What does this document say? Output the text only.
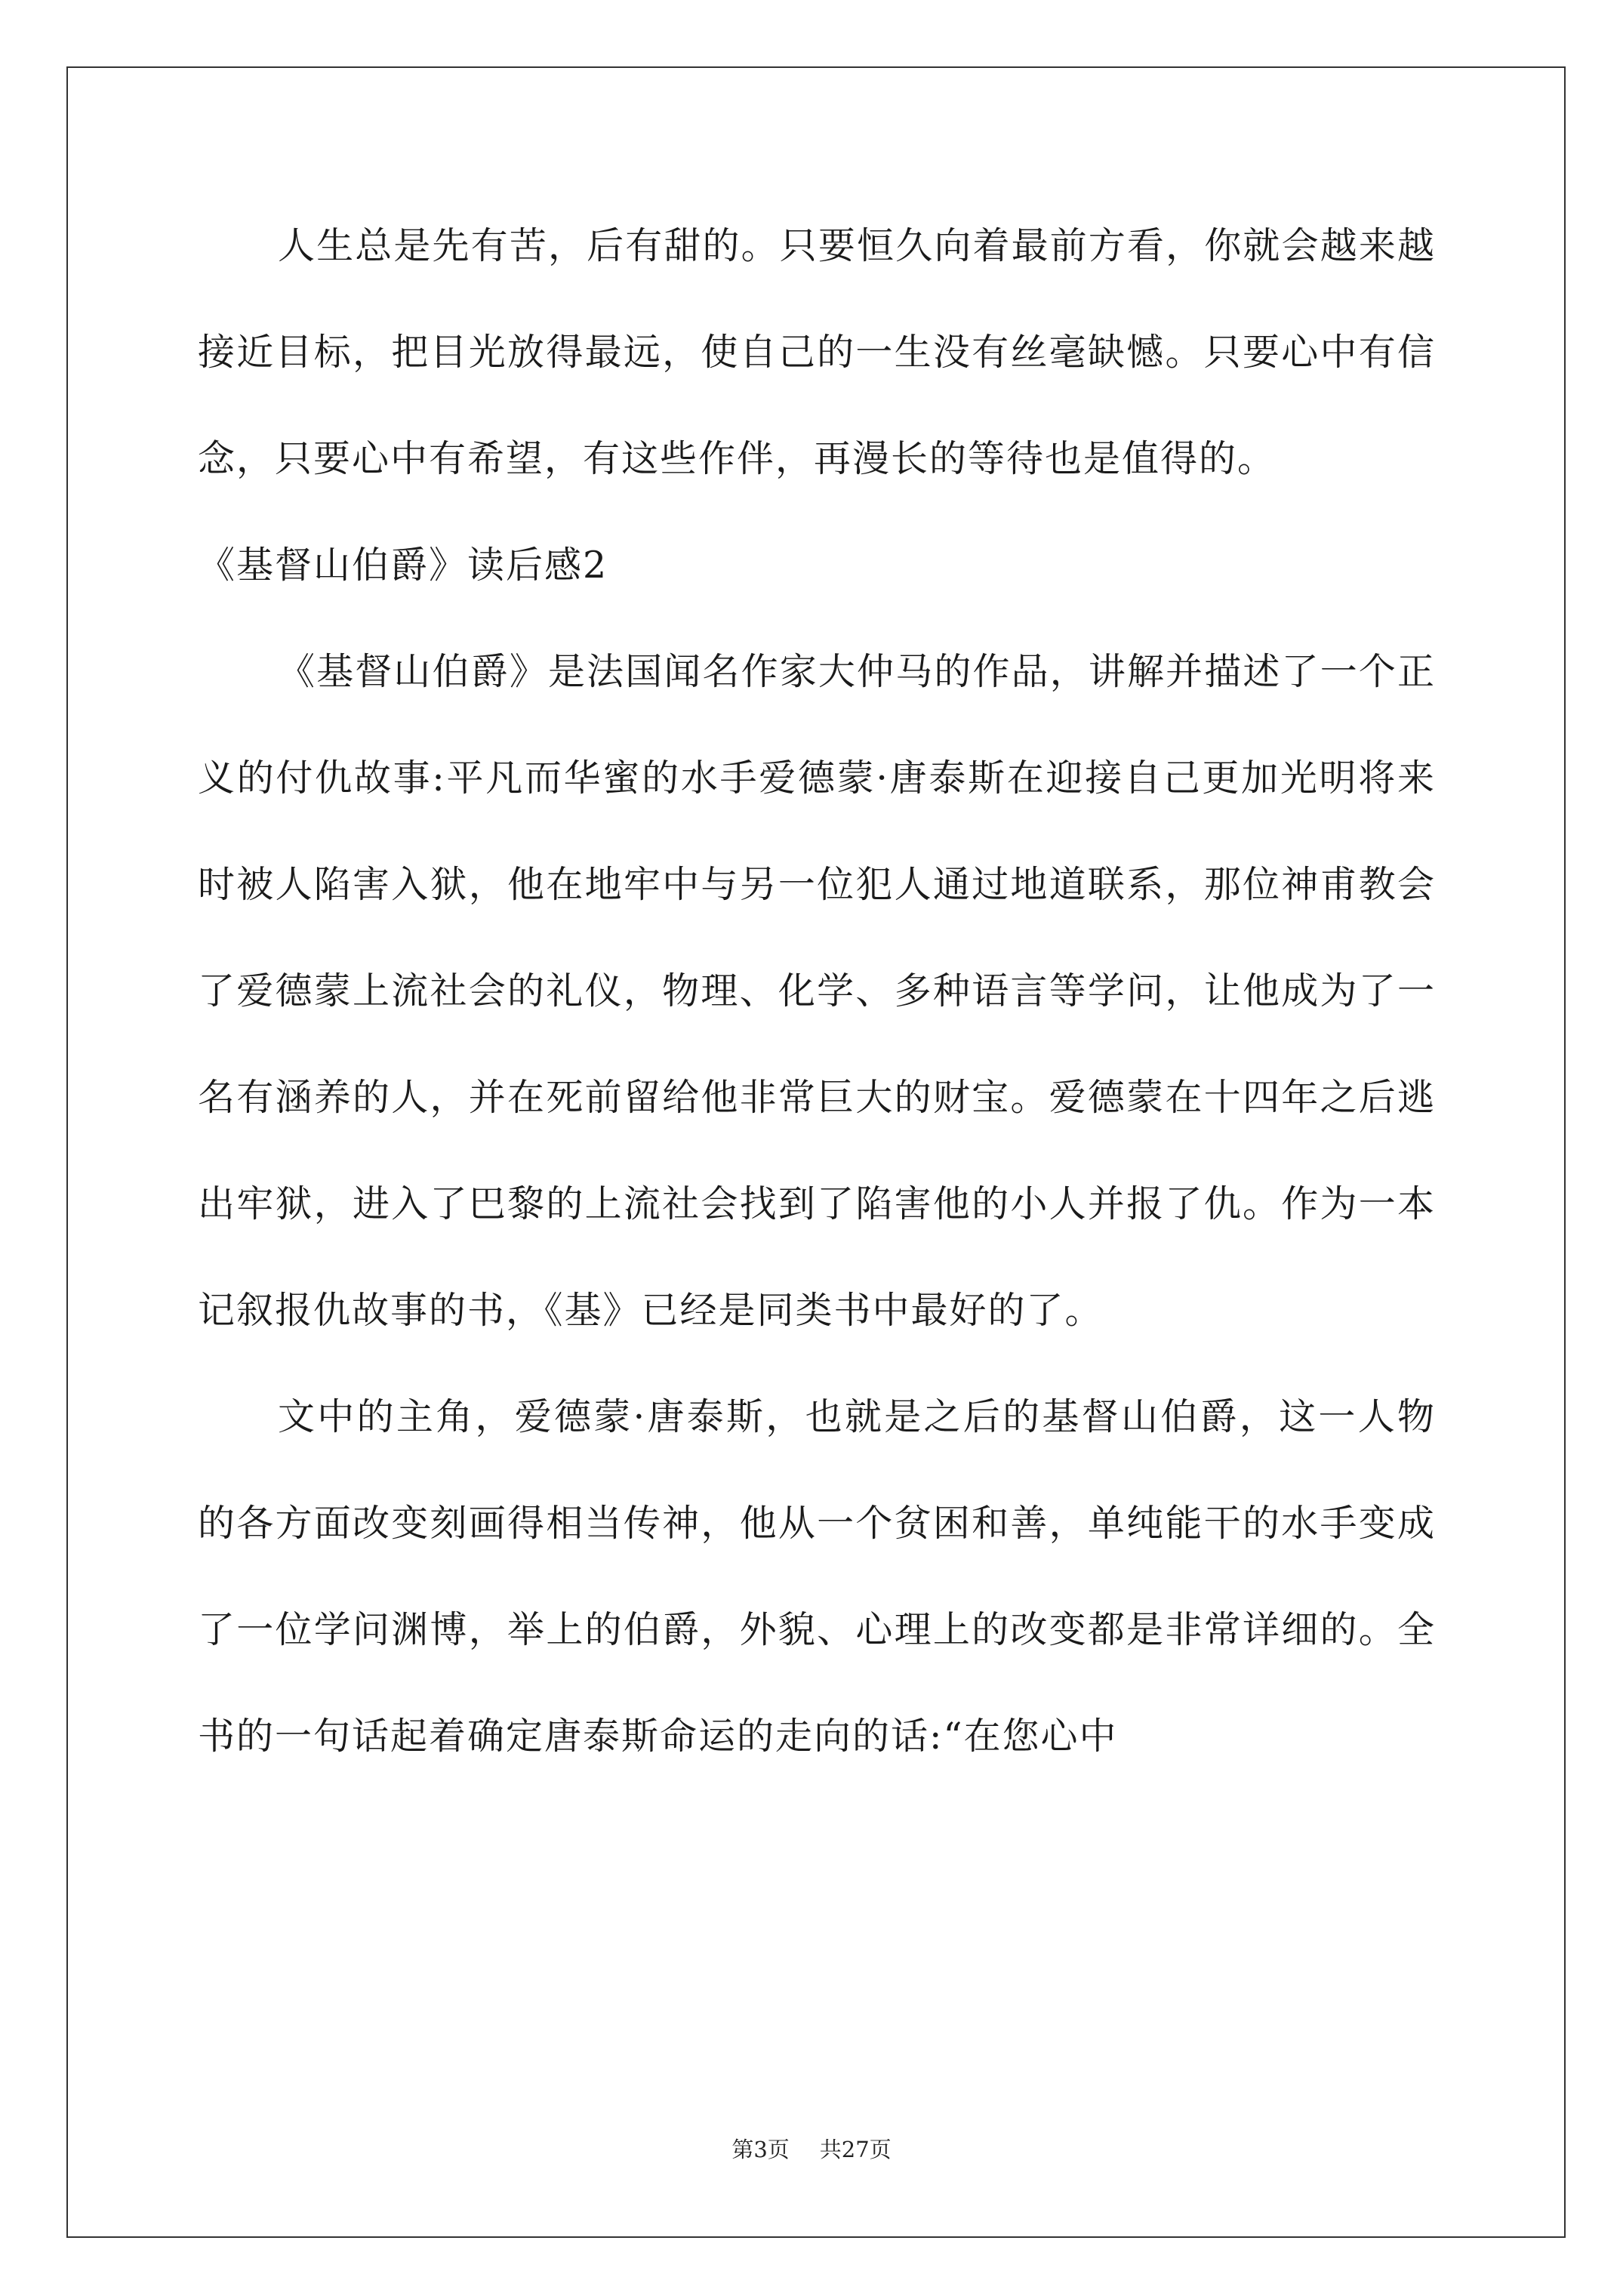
人生总是先有苦，后有甜的。只要恒久向着最前方看，你就会越来越接近目标，把目光放得最远，使自己的一生没有丝毫缺憾。只要心中有信念，只要心中有希望，有这些作伴，再漫长的等待也是值得的。

《基督山伯爵》读后感2

《基督山伯爵》是法国闻名作家大仲马的作品，讲解并描述了一个正义的付仇故事:平凡而华蜜的水手爱德蒙·唐泰斯在迎接自己更加光明将来时被人陷害入狱，他在地牢中与另一位犯人通过地道联系，那位神甫教会了爱德蒙上流社会的礼仪，物理、化学、多种语言等学问，让他成为了一名有涵养的人，并在死前留给他非常巨大的财宝。爱德蒙在十四年之后逃出牢狱，进入了巴黎的上流社会找到了陷害他的小人并报了仇。作为一本记叙报仇故事的书，《基》已经是同类书中最好的了。

文中的主角，爱德蒙·唐泰斯，也就是之后的基督山伯爵，这一人物的各方面改变刻画得相当传神，他从一个贫困和善，单纯能干的水手变成了一位学问渊博，举上的伯爵，外貌、心理上的改变都是非常详细的。全书的一句话起着确定唐泰斯命运的走向的话:“在您心中

第3页 共27页
